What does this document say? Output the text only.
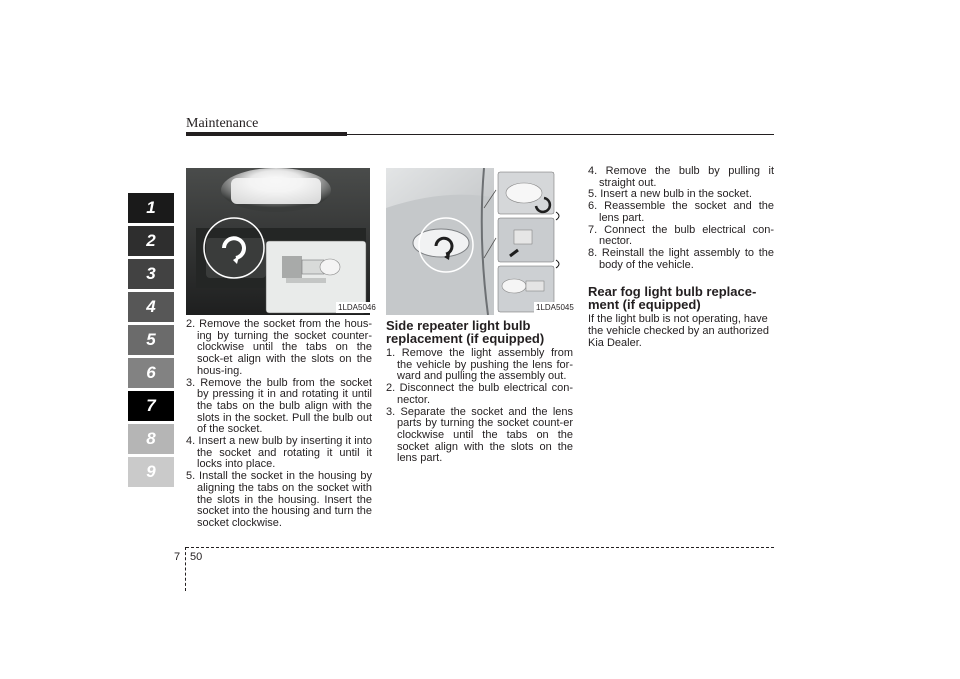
Maintenance
1
2
3
4
5
6
7
8
9
1LDA5046	1LDA5045
2. Remove the socket from the hous-ing by turning the socket counter-clockwise until the tabs on the sock-et align with the slots on the hous-ing.
3. Remove the bulb from the socket by pressing it in and rotating it until the tabs on the bulb align with the slots in the socket. Pull the bulb out of the socket.
4. Insert a new bulb by inserting it into the socket and rotating it until it locks into place.
5. Install the socket in the housing by aligning the tabs on the socket with the slots in the housing. Insert the socket into the housing and turn the socket clockwise.
Side repeater light bulb replacement (if equipped)
1. Remove the light assembly from the vehicle by pushing the lens for-ward and pulling the assembly out.
2. Disconnect the bulb electrical con-nector.
3. Separate the socket and the lens parts by turning the socket count-er clockwise until the tabs on the socket align with the slots on the lens part.
4. Remove the bulb by pulling it straight out.
5. Insert a new bulb in the socket.
6. Reassemble the socket and the lens part.
7. Connect the bulb electrical con-nector.
8. Reinstall the light assembly to the body of the vehicle.
Rear fog light bulb replace-ment (if equipped)
If the light bulb is not operating, have the vehicle checked by an authorized Kia Dealer.
7 50
